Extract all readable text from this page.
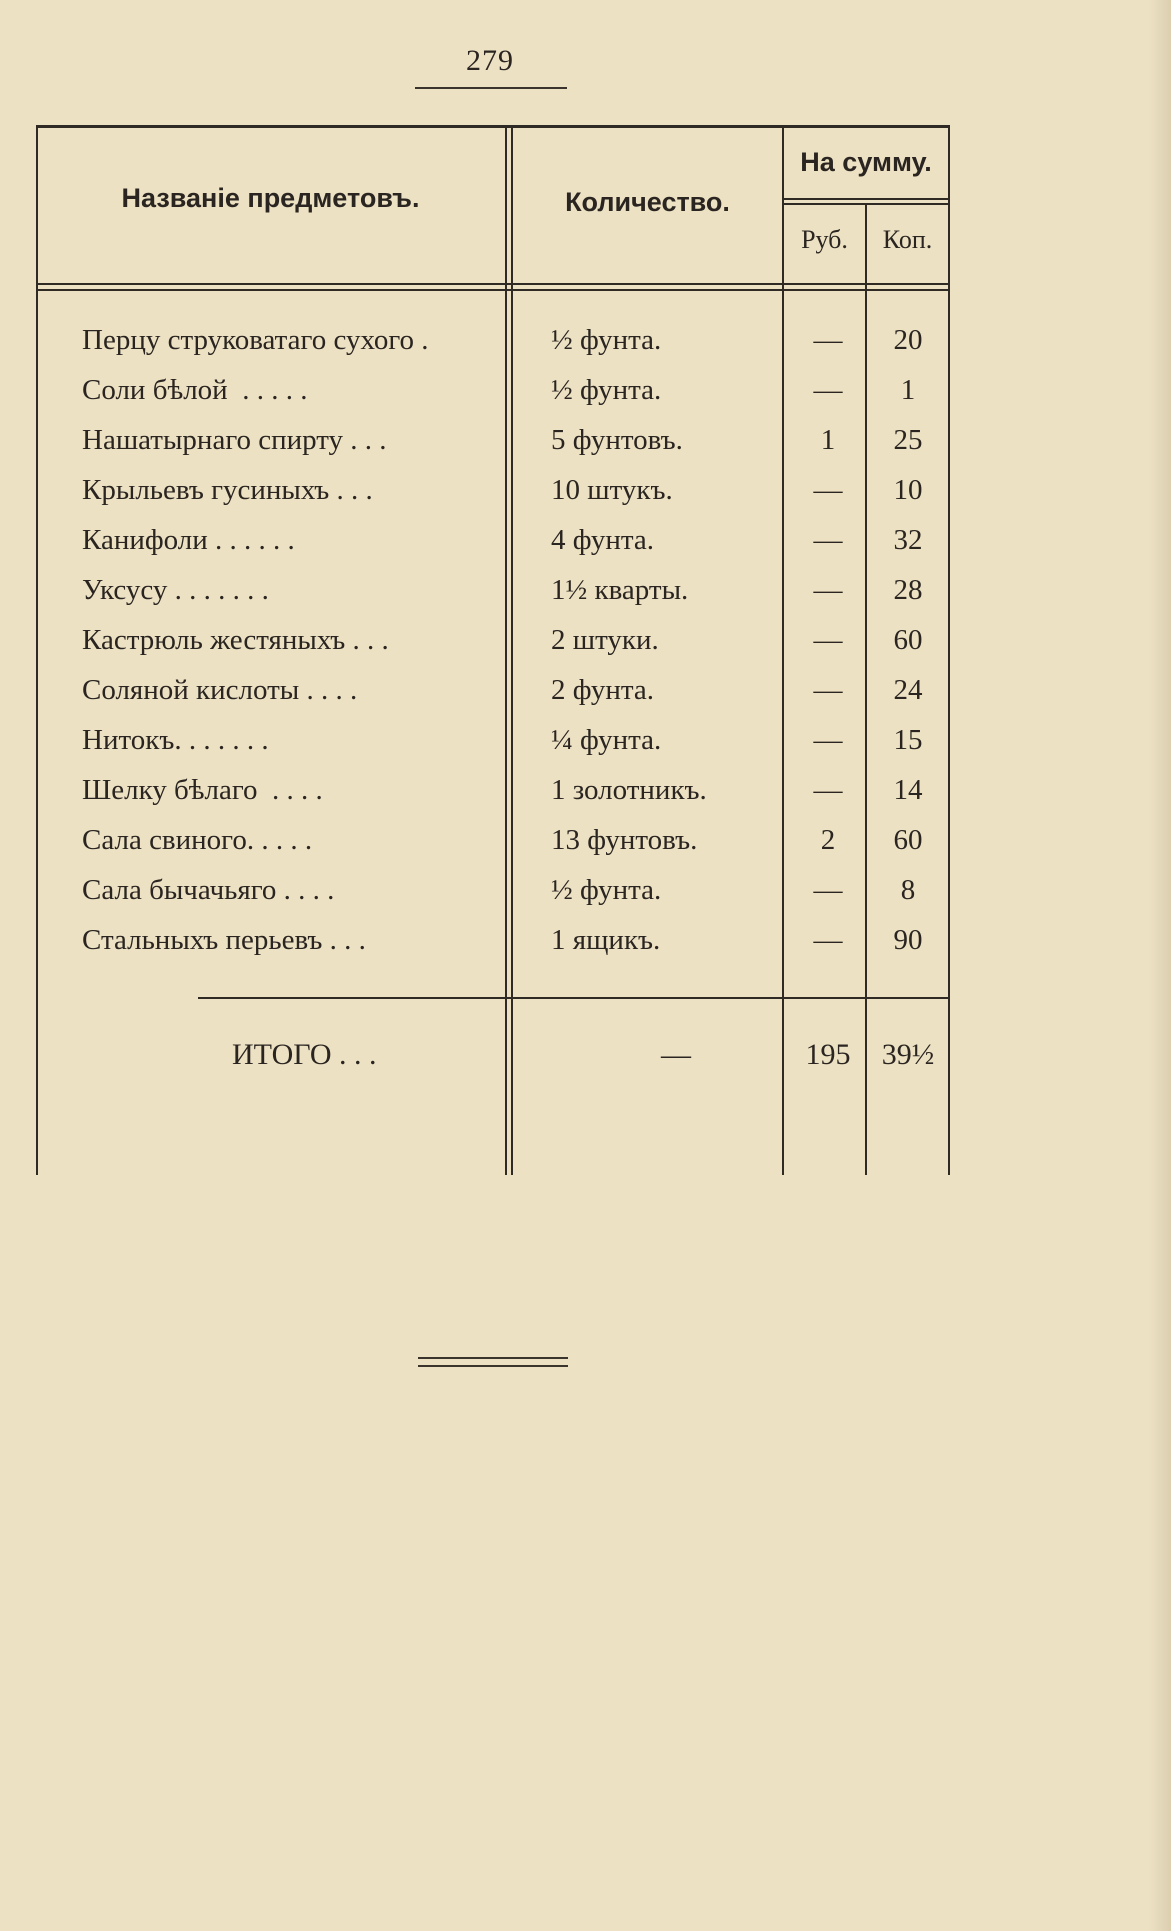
279
Названіе предметовъ.	Количество.
На сумму.
Руб.	Коп.
Перцу струковатаго сухого .	½ фунта.	—	20
Соли бѣлой  . . . . .	½ фунта.	—	1
Нашатырнаго спирту . . .	5 фунтовъ.	1	25
Крыльевъ гусиныхъ . . .	10 штукъ.	—	10
Канифоли . . . . . .	4 фунта.	—	32
Уксусу . . . . . . .	1½ кварты.	—	28
Кастрюль жестяныхъ . . .	2 штуки.	—	60
Соляной кислоты . . . .	2 фунта.	—	24
Нитокъ. . . . . . .	¼ фунта.	—	15
Шелку бѣлаго  . . . .	1 золотникъ.	—	14
Сала свиного. . . . .	13 фунтовъ.	2	60
Сала бычачьяго . . . .	½ фунта.	—	8
Стальныхъ перьевъ . . .	1 ящикъ.	—	90
ИТОГО . . .	—	195	39½
